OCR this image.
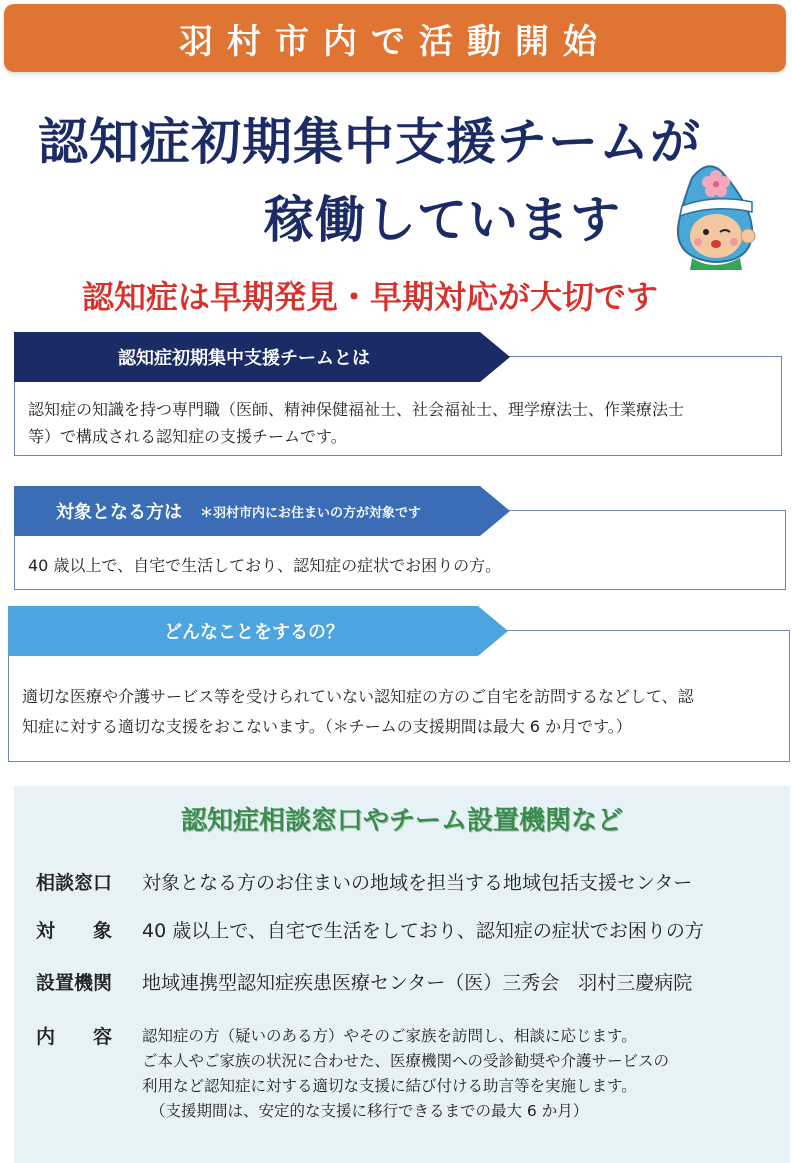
羽村市内で活動開始
認知症初期集中支援チームが
稼働しています
認知症は早期発見・早期対応が大切です
認知症初期集中支援チームとは
認知症の知識を持つ専門職（医師、精神保健福祉士、社会福祉士、理学療法士、作業療法士
等）で構成される認知症の支援チームです。
対象となる方は ＊羽村市内にお住まいの方が対象です
40 歳以上で、自宅で生活しており、認知症の症状でお困りの方。
どんなことをするの？
適切な医療や介護サービス等を受けられていない認知症の方のご自宅を訪問するなどして、認
知症に対する適切な支援をおこないます。（＊チームの支援期間は最大 6 か月です。）
認知症相談窓口やチーム設置機関など
相談窓口 対象となる方のお住まいの地域を担当する地域包括支援センター
対　　象 40 歳以上で、自宅で生活をしており、認知症の症状でお困りの方
設置機関 地域連携型認知症疾患医療センター（医）三秀会　羽村三慶病院
内　　容 認知症の方（疑いのある方）やそのご家族を訪問し、相談に応じます。
ご本人やご家族の状況に合わせた、医療機関への受診勧奨や介護サービスの
利用など認知症に対する適切な支援に結び付ける助言等を実施します。
（支援期間は、安定的な支援に移行できるまでの最大 6 か月）
